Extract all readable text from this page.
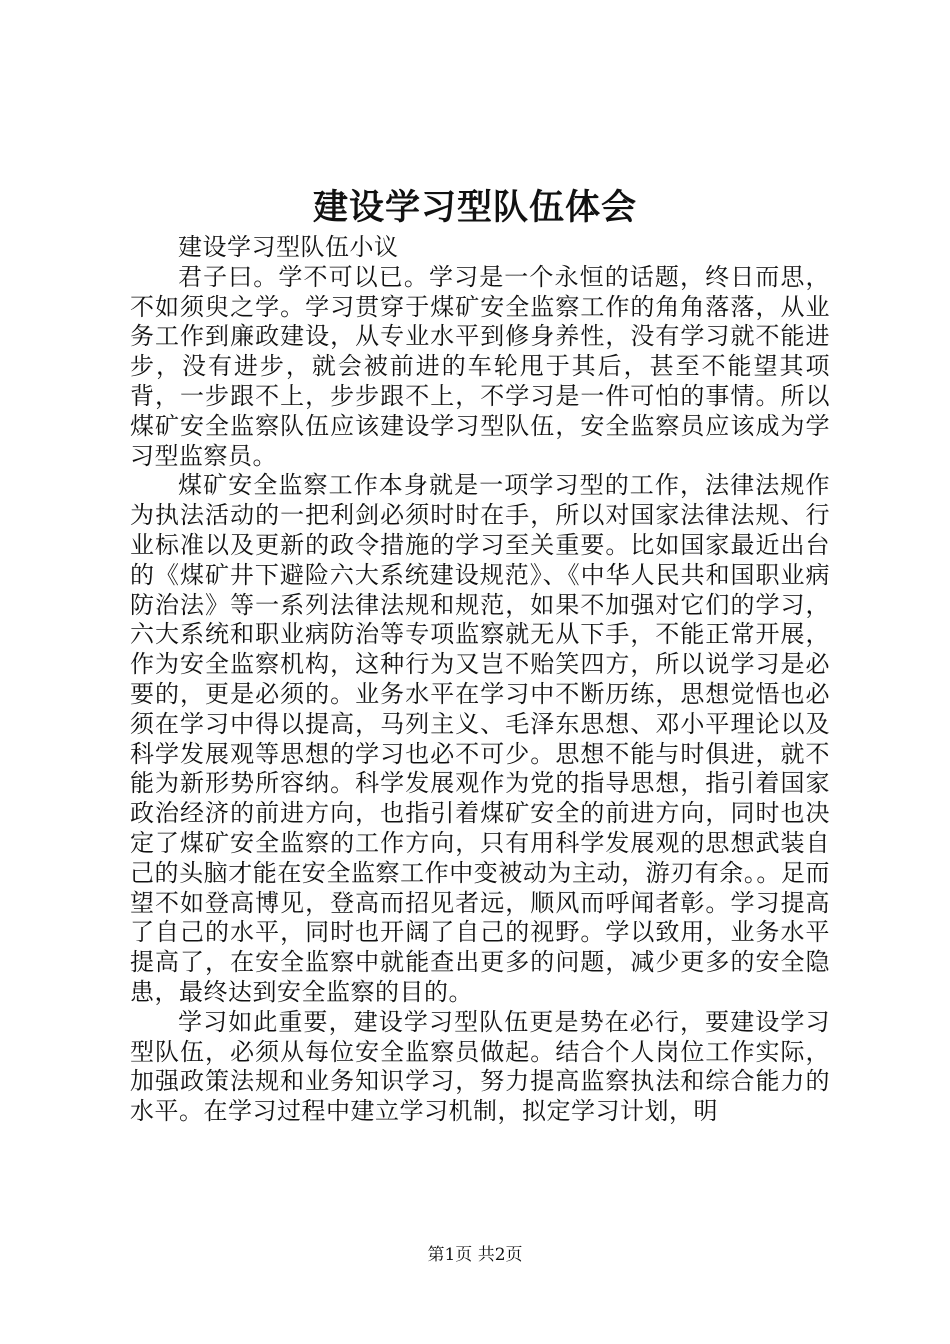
建设学习型队伍体会

建设学习型队伍小议

君子曰。学不可以已。学习是一个永恒的话题，终日而思，不如须臾之学。学习贯穿于煤矿安全监察工作的角角落落，从业务工作到廉政建设，从专业水平到修身养性，没有学习就不能进步，没有进步，就会被前进的车轮甩于其后，甚至不能望其项背，一步跟不上，步步跟不上，不学习是一件可怕的事情。所以煤矿安全监察队伍应该建设学习型队伍，安全监察员应该成为学习型监察员。

煤矿安全监察工作本身就是一项学习型的工作，法律法规作为执法活动的一把利剑必须时时在手，所以对国家法律法规、行业标准以及更新的政令措施的学习至关重要。比如国家最近出台的《煤矿井下避险六大系统建设规范》、《中华人民共和国职业病防治法》等一系列法律法规和规范，如果不加强对它们的学习，六大系统和职业病防治等专项监察就无从下手，不能正常开展，作为安全监察机构，这种行为又岂不贻笑四方，所以说学习是必要的，更是必须的。业务水平在学习中不断历练，思想觉悟也必须在学习中得以提高，马列主义、毛泽东思想、邓小平理论以及科学发展观等思想的学习也必不可少。思想不能与时俱进，就不能为新形势所容纳。科学发展观作为党的指导思想，指引着国家政治经济的前进方向，也指引着煤矿安全的前进方向，同时也决定了煤矿安全监察的工作方向，只有用科学发展观的思想武装自己的头脑才能在安全监察工作中变被动为主动，游刃有余。。足而望不如登高博见，登高而招见者远，顺风而呼闻者彰。学习提高了自己的水平，同时也开阔了自己的视野。学以致用，业务水平提高了，在安全监察中就能查出更多的问题，减少更多的安全隐患，最终达到安全监察的目的。

学习如此重要，建设学习型队伍更是势在必行，要建设学习型队伍，必须从每位安全监察员做起。结合个人岗位工作实际，加强政策法规和业务知识学习，努力提高监察执法和综合能力的水平。在学习过程中建立学习机制，拟定学习计划，明

第1页 共2页
